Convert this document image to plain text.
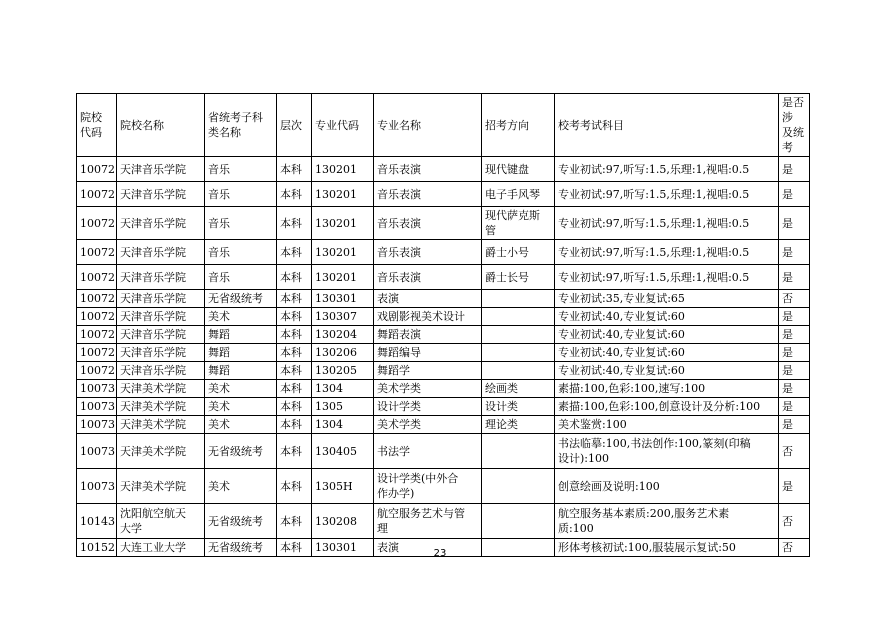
院校
代码	院校名称	省统考子科
类名称	层次	专业代码	专业名称	招考方向	校考考试科目	是否涉
及统考
10072	天津音乐学院	音乐	本科	130201	音乐表演	现代键盘	专业初试:97,听写:1.5,乐理:1,视唱:0.5	是
10072	天津音乐学院	音乐	本科	130201	音乐表演	电子手风琴	专业初试:97,听写:1.5,乐理:1,视唱:0.5	是
10072	天津音乐学院	音乐	本科	130201	音乐表演	现代萨克斯
管	专业初试:97,听写:1.5,乐理:1,视唱:0.5	是
10072	天津音乐学院	音乐	本科	130201	音乐表演	爵士小号	专业初试:97,听写:1.5,乐理:1,视唱:0.5	是
10072	天津音乐学院	音乐	本科	130201	音乐表演	爵士长号	专业初试:97,听写:1.5,乐理:1,视唱:0.5	是
10072	天津音乐学院	无省级统考	本科	130301	表演		专业初试:35,专业复试:65	否
10072	天津音乐学院	美术	本科	130307	戏剧影视美术设计		专业初试:40,专业复试:60	是
10072	天津音乐学院	舞蹈	本科	130204	舞蹈表演		专业初试:40,专业复试:60	是
10072	天津音乐学院	舞蹈	本科	130206	舞蹈编导		专业初试:40,专业复试:60	是
10072	天津音乐学院	舞蹈	本科	130205	舞蹈学		专业初试:40,专业复试:60	是
10073	天津美术学院	美术	本科	1304	美术学类	绘画类	素描:100,色彩:100,速写:100	是
10073	天津美术学院	美术	本科	1305	设计学类	设计类	素描:100,色彩:100,创意设计及分析:100	是
10073	天津美术学院	美术	本科	1304	美术学类	理论类	美术鉴赏:100	是
10073	天津美术学院	无省级统考	本科	130405	书法学		书法临摹:100,书法创作:100,篆刻(印稿
设计):100	否
10073	天津美术学院	美术	本科	1305H	设计学类(中外合
作办学)		创意绘画及说明:100	是
10143	沈阳航空航天
大学	无省级统考	本科	130208	航空服务艺术与管
理		航空服务基本素质:200,服务艺术素
质:100	否
10152	大连工业大学	无省级统考	本科	130301	表演		形体考核初试:100,服装展示复试:50	否
23
